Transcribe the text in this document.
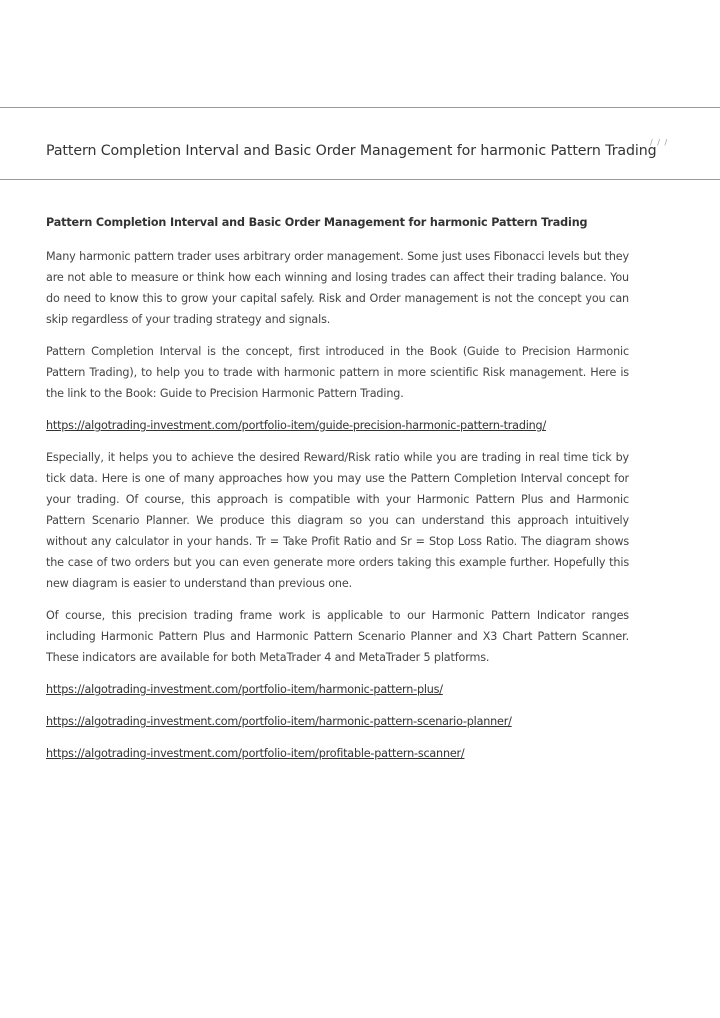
Pattern Completion Interval and Basic Order Management for harmonic Pattern Trading
/ / /
Pattern Completion Interval and Basic Order Management for harmonic Pattern Trading

Many harmonic pattern trader uses arbitrary order management. Some just uses Fibonacci levels but they are not able to measure or think how each winning and losing trades can affect their trading balance. You do need to know this to grow your capital safely. Risk and Order management is not the concept you can skip regardless of your trading strategy and signals.

Pattern Completion Interval is the concept, first introduced in the Book (Guide to Precision Harmonic Pattern Trading), to help you to trade with harmonic pattern in more scientific Risk management. Here is the link to the Book: Guide to Precision Harmonic Pattern Trading.

https://algotrading-investment.com/portfolio-item/guide-precision-harmonic-pattern-trading/

Especially, it helps you to achieve the desired Reward/Risk ratio while you are trading in real time tick by tick data. Here is one of many approaches how you may use the Pattern Completion Interval concept for your trading. Of course, this approach is compatible with your Harmonic Pattern Plus and Harmonic Pattern Scenario Planner. We produce this diagram so you can understand this approach intuitively without any calculator in your hands. Tr = Take Profit Ratio and Sr = Stop Loss Ratio. The diagram shows the case of two orders but you can even generate more orders taking this example further. Hopefully this new diagram is easier to understand than previous one.

Of course, this precision trading frame work is applicable to our Harmonic Pattern Indicator ranges including Harmonic Pattern Plus and Harmonic Pattern Scenario Planner and X3 Chart Pattern Scanner. These indicators are available for both MetaTrader 4 and MetaTrader 5 platforms.

https://algotrading-investment.com/portfolio-item/harmonic-pattern-plus/

https://algotrading-investment.com/portfolio-item/harmonic-pattern-scenario-planner/

https://algotrading-investment.com/portfolio-item/profitable-pattern-scanner/
